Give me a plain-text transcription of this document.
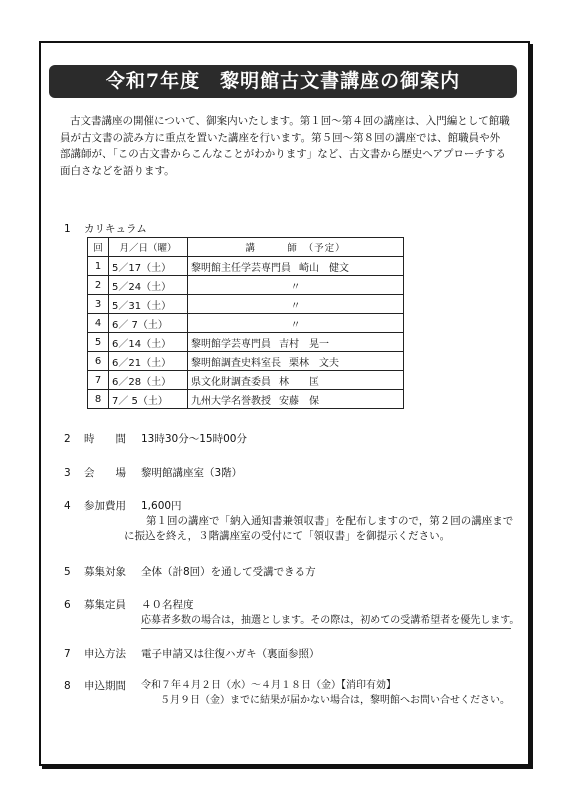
令和7年度　黎明館古文書講座の御案内
古文書講座の開催について、御案内いたします。第１回～第４回の講座は、入門編として館職員が古文書の読み方に重点を置いた講座を行います。第５回～第８回の講座では、館職員や外部講師が、「この古文書からこんなことがわかります」など、古文書から歴史へアプローチする面白さなどを語ります。
1 カリキュラム
回	月／日（曜）	講　　　師　（予定）
1	5／17（土）	黎明館主任学芸専門員 崎山　健文
2	5／24（土）	〃
3	5／31（土）	〃
4	6／ 7（土）	〃
5	6／14（土）	黎明館学芸専門員 吉村　晃一
6	6／21（土）	黎明館調査史料室長 栗林　文夫
7	6／28（土）	県文化財調査委員 林　　匡
8	7／ 5（土）	九州大学名誉教授 安藤　保
2 時　　間 13時30分～15時00分
3 会　　場 黎明館講座室（3階）
4 参加費用 1,600円
第１回の講座で「納入通知書兼領収書」を配布しますので，第２回の講座までに振込を終え，３階講座室の受付にて「領収書」を御提示ください。
5 募集対象 全体（計8回）を通して受講できる方
6 募集定員 ４０名程度
応募者多数の場合は，抽選とします。その際は，初めての受講希望者を優先します。
7 申込方法 電子申請又は往復ハガキ（裏面参照）
8 申込期間 令和７年４月２日（水）～４月１８日（金）【消印有効】
５月９日（金）までに結果が届かない場合は，黎明館へお問い合せください。
